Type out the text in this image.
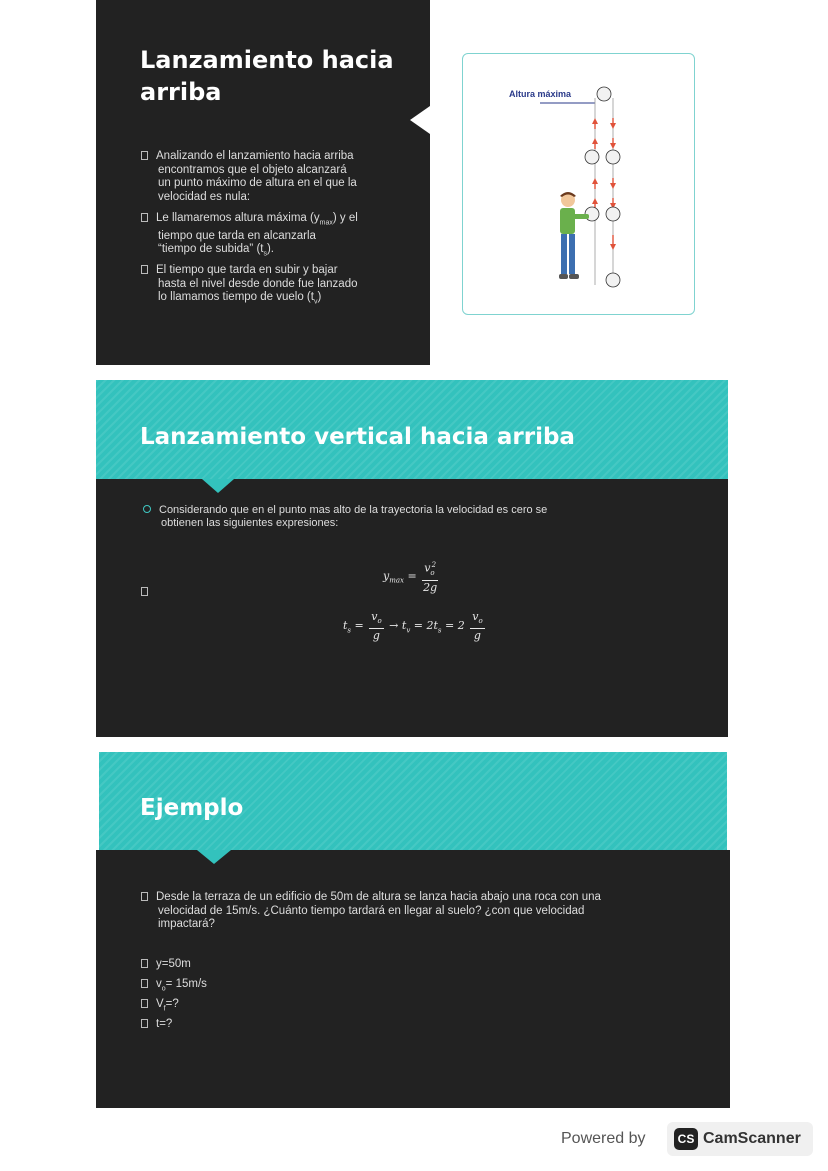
Lanzamiento hacia
arriba
Analizando el lanzamiento hacia arriba
encontramos que el objeto alcanzará
un punto máximo de altura en el que la
velocidad es nula:
Le llamaremos altura máxima $(y_{max})$ y el
tiempo que tarda en alcanzarla
“tiempo de subida” $(t_s)$.
El tiempo que tarda en subir y bajar
hasta el nivel desde donde fue lanzado
lo llamamos tiempo de vuelo $(t_v)$
Altura máxima
Lanzamiento vertical hacia arriba
Considerando que en el punto mas alto de la trayectoria la velocidad es cero se
obtienen las siguientes expresiones:
$y_{max} = \frac{v_o^2}{2g}$
$t_s = \frac{v_o}{g} \to t_v = 2t_s = 2 \frac{v_o}{g}$
Ejemplo
Desde la terraza de un edificio de 50m de altura se lanza hacia abajo una roca con una
velocidad de 15m/s. ¿Cuánto tiempo tardará en llegar al suelo? ¿con que velocidad
impactará?
y=50m
$v_o= 15m/s$
$V_f=$?
t=?
Powered by	CS CamScanner
